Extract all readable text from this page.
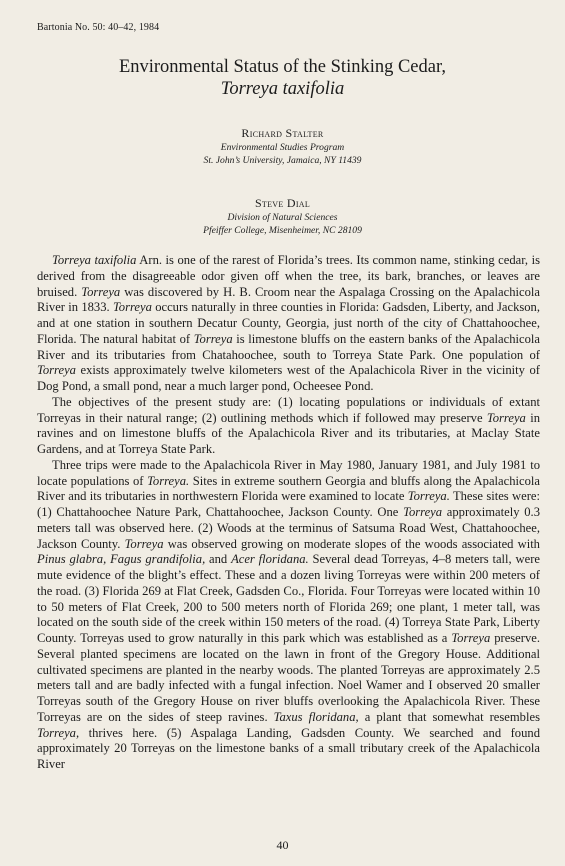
Bartonia No. 50: 40–42, 1984
Environmental Status of the Stinking Cedar,
Torreya taxifolia
Richard Stalter
Environmental Studies Program
St. John’s University, Jamaica, NY 11439
Steve Dial
Division of Natural Sciences
Pfeiffer College, Misenheimer, NC 28109

Torreya taxifolia Arn. is one of the rarest of Florida’s trees. Its common name, stinking cedar, is derived from the disagreeable odor given off when the tree, its bark, branches, or leaves are bruised. Torreya was discovered by H. B. Croom near the Aspalaga Crossing on the Apalachicola River in 1833. Torreya occurs naturally in three counties in Florida: Gadsden, Liberty, and Jackson, and at one station in southern Decatur County, Georgia, just north of the city of Chattahoochee, Florida. The natural habitat of Torreya is limestone bluffs on the eastern banks of the Apalachicola River and its tributaries from Chatahoochee, south to Torreya State Park. One population of Torreya exists approximately twelve kilometers west of the Apalachicola River in the vicinity of Dog Pond, a small pond, near a much larger pond, Ocheesee Pond.

The objectives of the present study are: (1) locating populations or individuals of extant Torreyas in their natural range; (2) outlining methods which if followed may preserve Torreya in ravines and on limestone bluffs of the Apalachicola River and its tributaries, at Maclay State Gardens, and at Torreya State Park.

Three trips were made to the Apalachicola River in May 1980, January 1981, and July 1981 to locate populations of Torreya. Sites in extreme southern Georgia and bluffs along the Apalachicola River and its tributaries in northwestern Florida were examined to locate Torreya. These sites were: (1) Chattahoochee Nature Park, Chattahoochee, Jackson County. One Torreya approximately 0.3 meters tall was observed here. (2) Woods at the terminus of Satsuma Road West, Chattahoochee, Jackson County. Torreya was observed growing on moderate slopes of the woods associated with Pinus glabra, Fagus grandifolia, and Acer floridana. Several dead Torreyas, 4–8 meters tall, were mute evidence of the blight’s effect. These and a dozen living Torreyas were within 200 meters of the road. (3) Florida 269 at Flat Creek, Gadsden Co., Florida. Four Torreyas were located within 10 to 50 meters of Flat Creek, 200 to 500 meters north of Florida 269; one plant, 1 meter tall, was located on the south side of the creek within 150 meters of the road. (4) Torreya State Park, Liberty County. Torreyas used to grow naturally in this park which was established as a Torreya preserve. Several planted specimens are located on the lawn in front of the Gregory House. Additional cultivated specimens are planted in the nearby woods. The planted Torreyas are approximately 2.5 meters tall and are badly infected with a fungal infection. Noel Wamer and I observed 20 smaller Torreyas south of the Gregory House on river bluffs overlooking the Apalachicola River. These Torreyas are on the sides of steep ravines. Taxus floridana, a plant that somewhat resembles Torreya, thrives here. (5) Aspalaga Landing, Gadsden County. We searched and found approximately 20 Torreyas on the limestone banks of a small tributary creek of the Apalachicola River

40
